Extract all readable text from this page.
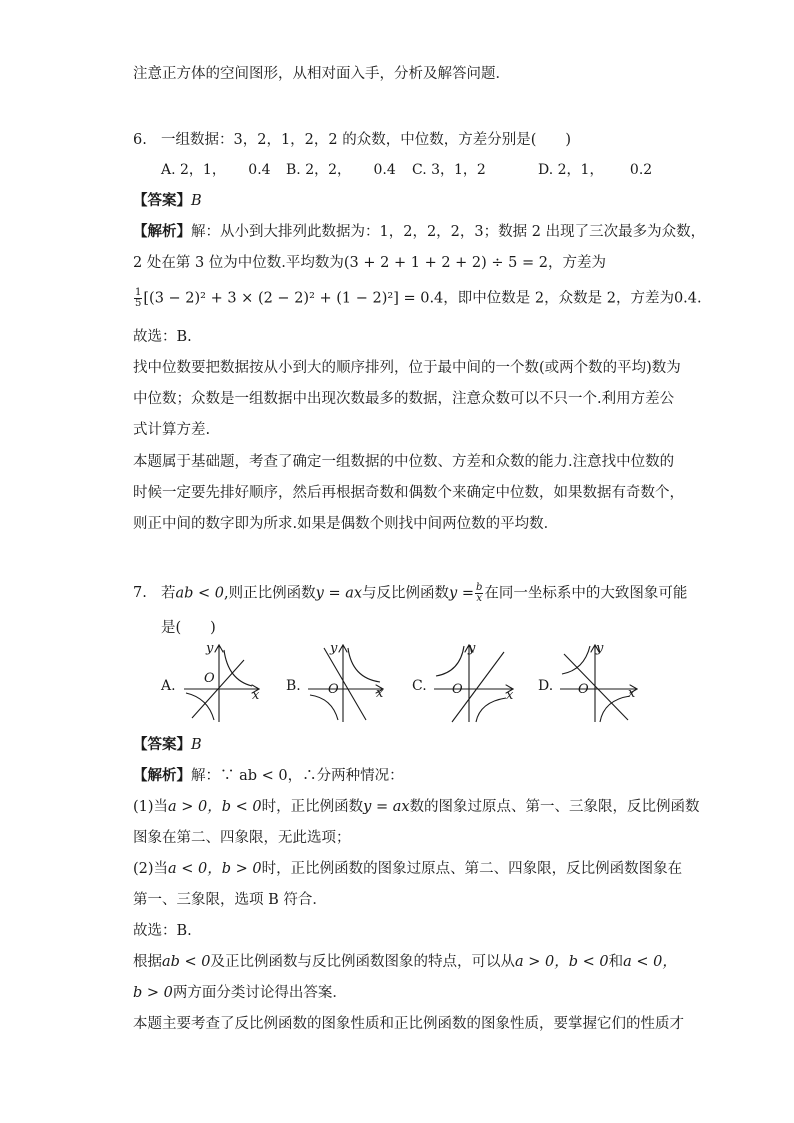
注意正方体的空间图形，从相对面入手，分析及解答问题．
6. 一组数据：3，2，1，2，2 的众数，中位数，方差分别是(　　)
A. 2，1， 0.4 B. 2，2， 0.4 C. 3，1，2	D. 2，1， 0.2
【答案】B
【解析】解：从小到大排列此数据为：1，2，2，2，3；数据 2 出现了三次最多为众数，
2 处在第 3 位为中位数.平均数为(3 + 2 + 1 + 2 + 2) ÷ 5 = 2，方差为
$\frac{1}{5} [(3 - 2)^2 + 3 \times (2 - 2)^2 + (1 - 2)^2] = 0.4$，即中位数是 2，众数是 2，方差为0.4.
故选：B.
找中位数要把数据按从小到大的顺序排列，位于最中间的一个数(或两个数的平均)数为
中位数；众数是一组数据中出现次数最多的数据，注意众数可以不只一个.利用方差公
式计算方差.
本题属于基础题，考查了确定一组数据的中位数、方差和众数的能力.注意找中位数的
时候一定要先排好顺序，然后再根据奇数和偶数个来确定中位数，如果数据有奇数个，
则正中间的数字即为所求.如果是偶数个则找中间两位数的平均数．
7. 若ab < 0,则正比例函数y = ax与反比例函数$y = \frac{b}{x}$ 在同一坐标系中的大致图象可能
是(　　)
A.
y
x
O	B.
y
x
O	C.
y
x
O	D.
y
x
O
【答案】B
【解析】解：∵ ab < 0，∴分两种情况：
(1)当a > 0，b < 0时，正比例函数y = ax数的图象过原点、第一、三象限，反比例函数
图象在第二、四象限，无此选项；
(2)当a < 0，b > 0时，正比例函数的图象过原点、第二、四象限，反比例函数图象在
第一、三象限，选项 B 符合．
故选：B.
根据ab < 0及正比例函数与反比例函数图象的特点，可以从a > 0，b < 0和a < 0，
b > 0两方面分类讨论得出答案．
本题主要考查了反比例函数的图象性质和正比例函数的图象性质，要掌握它们的性质才
